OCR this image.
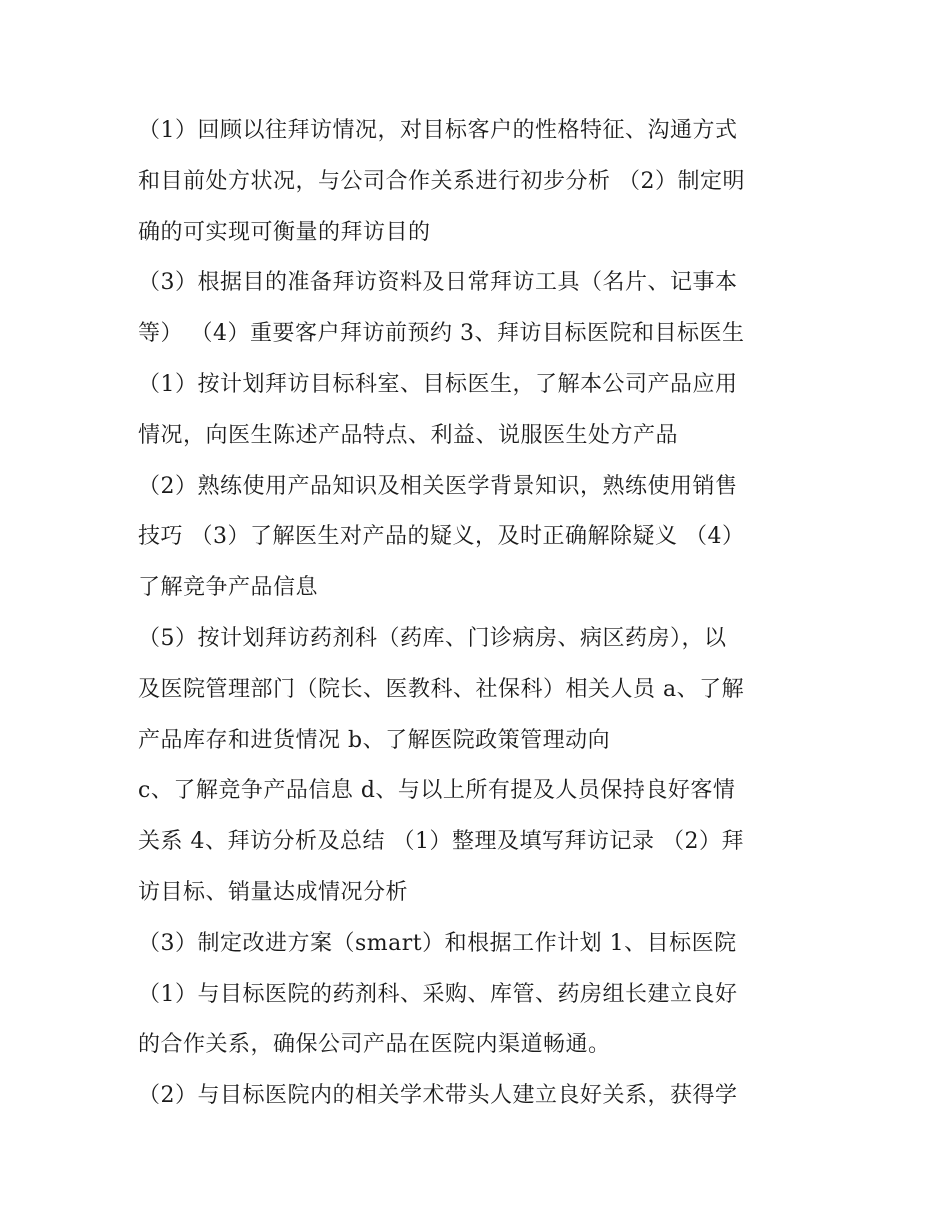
（1）回顾以往拜访情况，对目标客户的性格特征、沟通方式
和目前处方状况，与公司合作关系进行初步分析 （2）制定明
确的可实现可衡量的拜访目的
（3）根据目的准备拜访资料及日常拜访工具（名片、记事本
等） （4）重要客户拜访前预约 3、拜访目标医院和目标医生
（1）按计划拜访目标科室、目标医生，了解本公司产品应用
情况，向医生陈述产品特点、利益、说服医生处方产品
（2）熟练使用产品知识及相关医学背景知识，熟练使用销售
技巧 （3）了解医生对产品的疑义，及时正确解除疑义 （4）
了解竞争产品信息
（5）按计划拜访药剂科（药库、门诊病房、病区药房），以
及医院管理部门（院长、医教科、社保科）相关人员 a、了解
产品库存和进货情况 b、了解医院政策管理动向
c、了解竞争产品信息 d、与以上所有提及人员保持良好客情
关系 4、拜访分析及总结 （1）整理及填写拜访记录 （2）拜
访目标、销量达成情况分析
（3）制定改进方案（smart）和根据工作计划 1、目标医院
（1）与目标医院的药剂科、采购、库管、药房组长建立良好
的合作关系，确保公司产品在医院内渠道畅通。
（2）与目标医院内的相关学术带头人建立良好关系，获得学
